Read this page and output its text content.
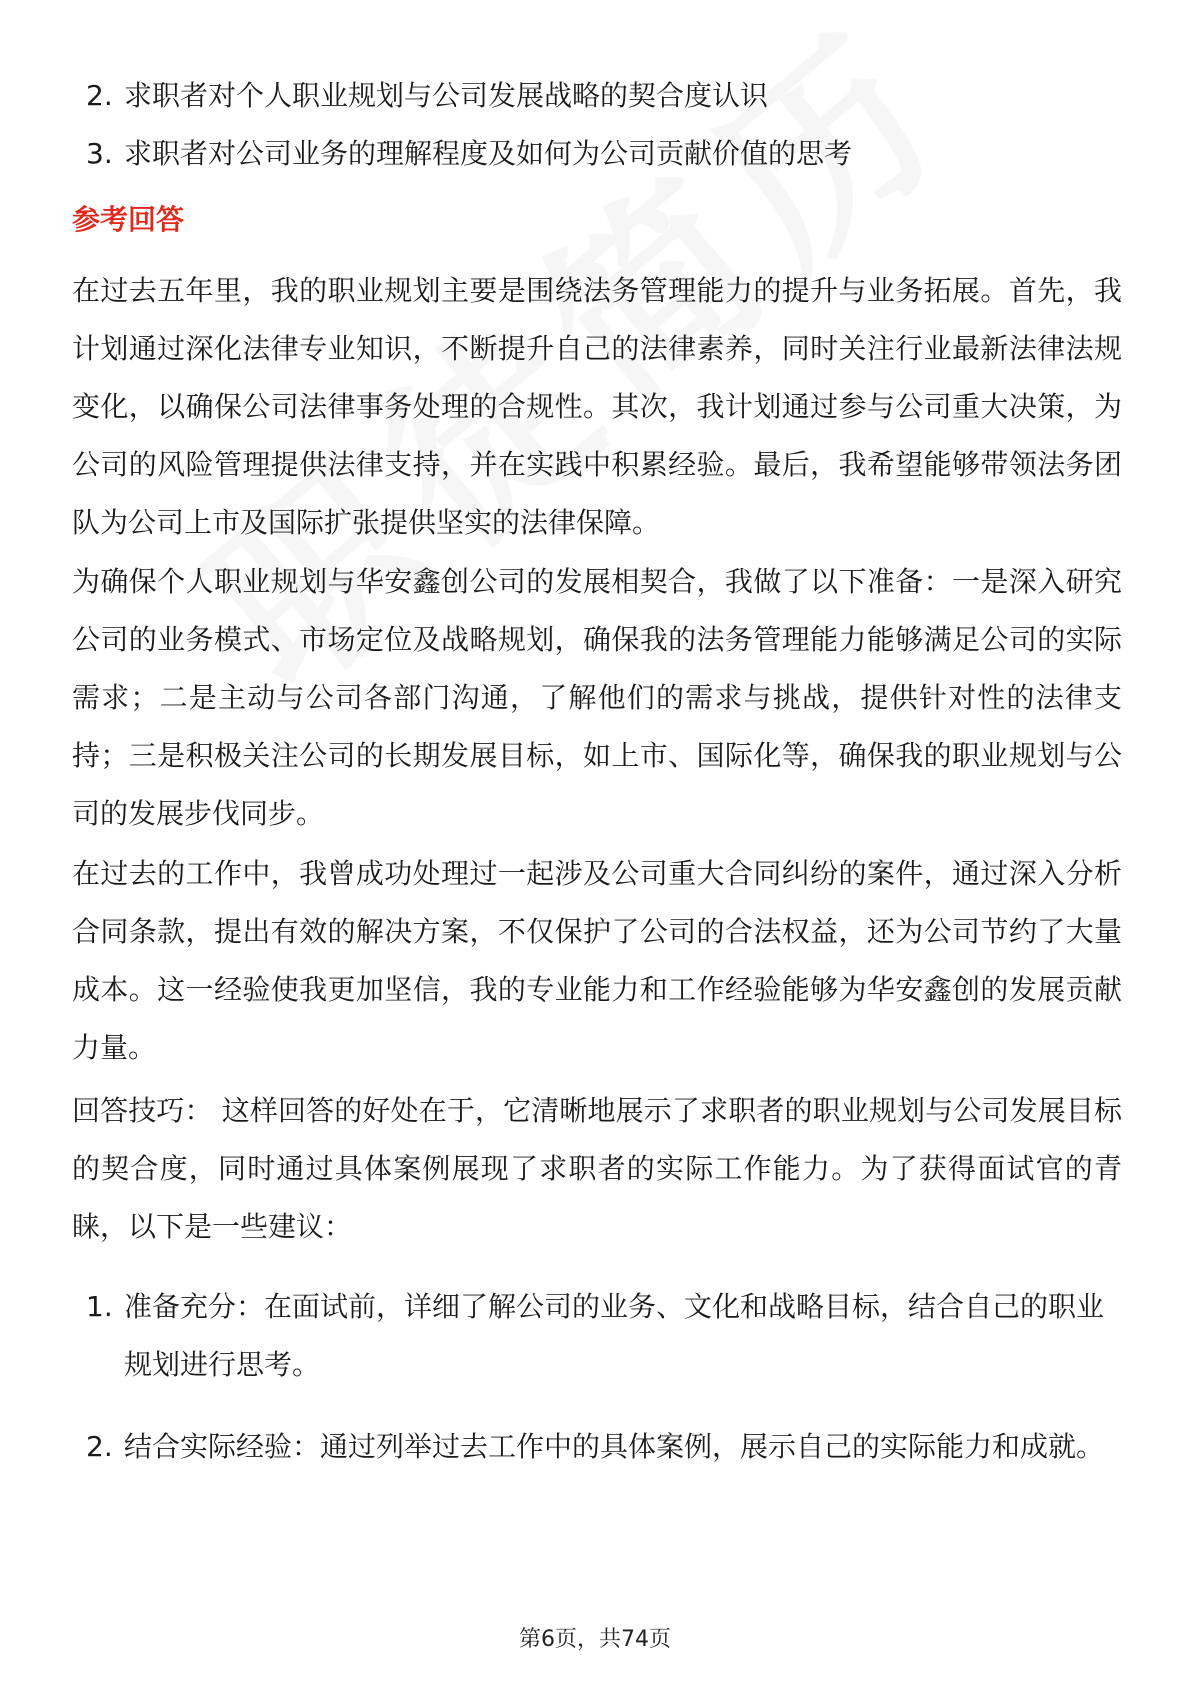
2. 求职者对个人职业规划与公司发展战略的契合度认识
3. 求职者对公司业务的理解程度及如何为公司贡献价值的思考
参考回答

在过去五年里，我的职业规划主要是围绕法务管理能力的提升与业务拓展。首先，我计划通过深化法律专业知识，不断提升自己的法律素养，同时关注行业最新法律法规变化，以确保公司法律事务处理的合规性。其次，我计划通过参与公司重大决策，为公司的风险管理提供法律支持，并在实践中积累经验。最后，我希望能够带领法务团队为公司上市及国际扩张提供坚实的法律保障。

为确保个人职业规划与华安鑫创公司的发展相契合，我做了以下准备：一是深入研究公司的业务模式、市场定位及战略规划，确保我的法务管理能力能够满足公司的实际需求；二是主动与公司各部门沟通，了解他们的需求与挑战，提供针对性的法律支持；三是积极关注公司的长期发展目标，如上市、国际化等，确保我的职业规划与公司的发展步伐同步。

在过去的工作中，我曾成功处理过一起涉及公司重大合同纠纷的案件，通过深入分析合同条款，提出有效的解决方案，不仅保护了公司的合法权益，还为公司节约了大量成本。这一经验使我更加坚信，我的专业能力和工作经验能够为华安鑫创的发展贡献力量。

回答技巧： 这样回答的好处在于，它清晰地展示了求职者的职业规划与公司发展目标的契合度，同时通过具体案例展现了求职者的实际工作能力。为了获得面试官的青睐，以下是一些建议：

1. 准备充分：在面试前，详细了解公司的业务、文化和战略目标，结合自己的职业规划进行思考。
2. 结合实际经验：通过列举过去工作中的具体案例，展示自己的实际能力和成就。
第6页，共74页
